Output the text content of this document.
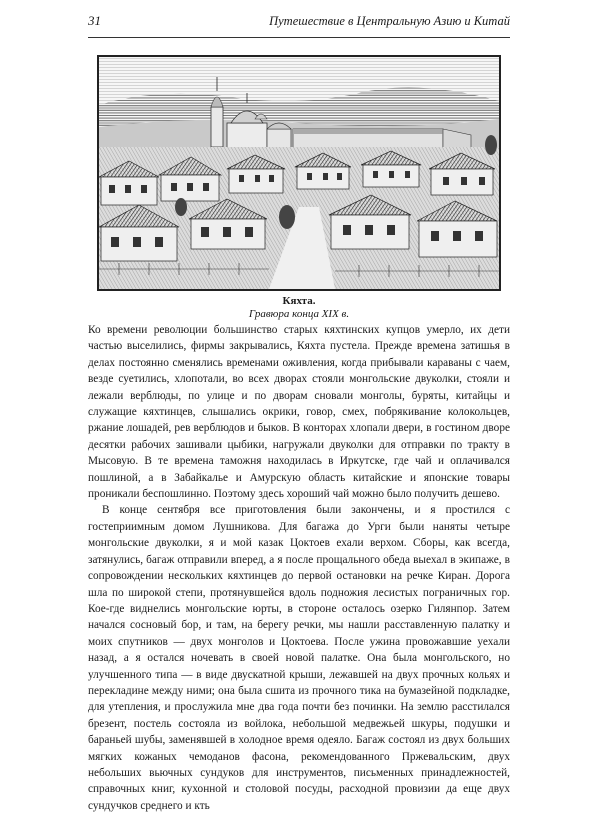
31	Путешествие в Центральную Азию и Китай
Кяхта.
Гравюра конца XIX в.

Ко времени революции большинство старых кяхтинских купцов умерло, их дети частью выселились, фирмы закрывались, Кяхта пустела. Прежде времена затишья в делах постоянно сменялись временами оживления, когда прибывали караваны с чаем, везде суетились, хлопотали, во всех дворах стояли монгольские двуколки, стояли и лежали верблюды, по улице и по дворам сновали монголы, буряты, китайцы и служащие кяхтинцев, слышались окрики, говор, смех, побрякивание колокольцев, ржание лошадей, рев верблюдов и быков. В конторах хлопали двери, в гостином дворе десятки рабочих зашивали цыбики, нагружали двуколки для отправки по тракту в Мысовую. В те времена таможня находилась в Иркутске, где чай и оплачивался пошлиной, а в Забайкалье и Амурскую область китайские и японские товары проникали беспошлинно. Поэтому здесь хороший чай можно было получить дешево.

В конце сентября все приготовления были закончены, и я простился с гостеприимным домом Лушникова. Для багажа до Урги были наняты четыре монгольские двуколки, я и мой казак Цоктоев ехали верхом. Сборы, как всегда, затянулись, багаж отправили вперед, а я после прощального обеда выехал в экипаже, в сопровождении нескольких кяхтинцев до первой остановки на речке Киран. Дорога шла по широкой степи, протянувшейся вдоль подножия лесистых пограничных гор. Кое-где виднелись монгольские юрты, в стороне осталось озерко Гилянпор. Затем начался сосновый бор, и там, на берегу речки, мы нашли расставленную палатку и моих спутников — двух монголов и Цоктоева. После ужина провожавшие уехали назад, а я остался ночевать в своей новой палатке. Она была монгольского, но улучшенного типа — в виде двускатной крыши, лежавшей на двух прочных кольях и перекладине между ними; она была сшита из прочного тика на бумазейной подкладке, для утепления, и прослужила мне два года почти без починки. На землю расстилался брезент, постель состояла из войлока, небольшой медвежьей шкуры, подушки и бараньей шубы, заменявшей в холодное время одеяло. Багаж состоял из двух больших мягких кожаных чемоданов фасона, рекомендованного Пржевальским, двух небольших вьючных сундуков для инструментов, письменных принадлежностей, справочных книг, кухонной и столовой посуды, расходной провизии да еще двух сундучков среднего и кть
